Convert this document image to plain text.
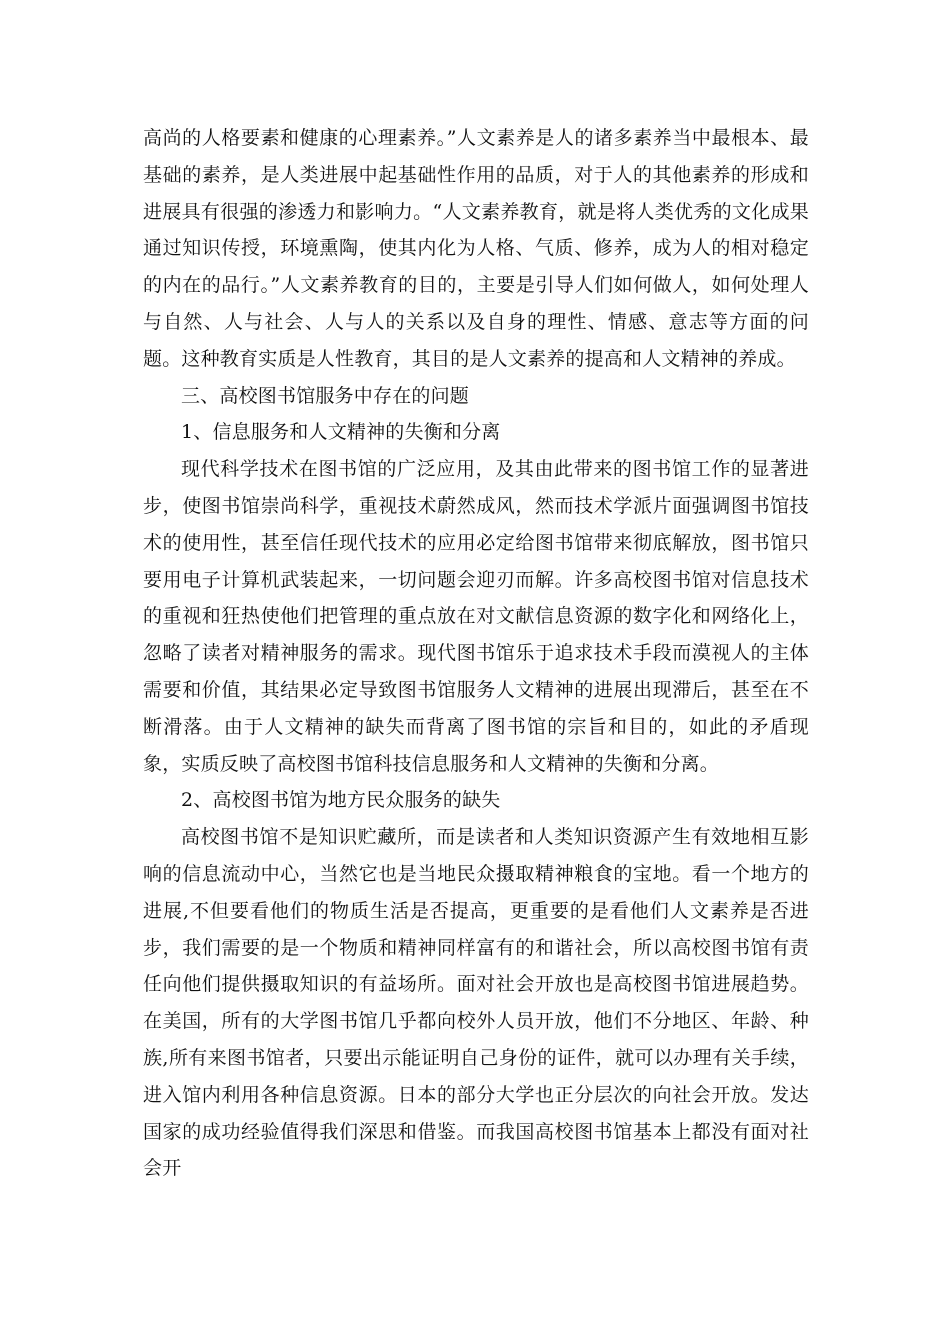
高尚的人格要素和健康的心理素养。”人文素养是人的诸多素养当中最根本、最基础的素养，是人类进展中起基础性作用的品质，对于人的其他素养的形成和进展具有很强的渗透力和影响力。“人文素养教育，就是将人类优秀的文化成果通过知识传授，环境熏陶，使其内化为人格、气质、修养，成为人的相对稳定的内在的品行。”人文素养教育的目的，主要是引导人们如何做人，如何处理人与自然、人与社会、人与人的关系以及自身的理性、情感、意志等方面的问题。这种教育实质是人性教育，其目的是人文素养的提高和人文精神的养成。

三、高校图书馆服务中存在的问题

1、信息服务和人文精神的失衡和分离

现代科学技术在图书馆的广泛应用，及其由此带来的图书馆工作的显著进步，使图书馆崇尚科学，重视技术蔚然成风，然而技术学派片面强调图书馆技术的使用性，甚至信任现代技术的应用必定给图书馆带来彻底解放，图书馆只要用电子计算机武装起来，一切问题会迎刃而解。许多高校图书馆对信息技术的重视和狂热使他们把管理的重点放在对文献信息资源的数字化和网络化上，忽略了读者对精神服务的需求。现代图书馆乐于追求技术手段而漠视人的主体需要和价值，其结果必定导致图书馆服务人文精神的进展出现滞后，甚至在不断滑落。由于人文精神的缺失而背离了图书馆的宗旨和目的，如此的矛盾现象，实质反映了高校图书馆科技信息服务和人文精神的失衡和分离。

2、高校图书馆为地方民众服务的缺失

高校图书馆不是知识贮藏所，而是读者和人类知识资源产生有效地相互影响的信息流动中心，当然它也是当地民众摄取精神粮食的宝地。看一个地方的进展,不但要看他们的物质生活是否提高，更重要的是看他们人文素养是否进步，我们需要的是一个物质和精神同样富有的和谐社会，所以高校图书馆有责任向他们提供摄取知识的有益场所。面对社会开放也是高校图书馆进展趋势。在美国，所有的大学图书馆几乎都向校外人员开放，他们不分地区、年龄、种族,所有来图书馆者，只要出示能证明自己身份的证件，就可以办理有关手续，进入馆内利用各种信息资源。日本的部分大学也正分层次的向社会开放。发达国家的成功经验值得我们深思和借鉴。而我国高校图书馆基本上都没有面对社会开
